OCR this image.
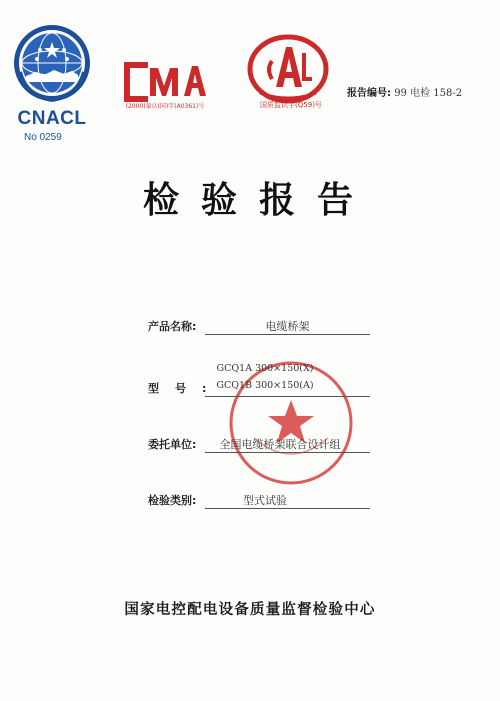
CNACL
No 0259
(2000)量认(国)字(A0361)号	国质监认字(Q59)号
报告编号: 99 电检 158-2
检验报告
产品名称:	电缆桥架
型号:
GCQ1A 300×150(Ⅹ)
GCQ1B 300×150(A)
委托单位:	全国电缆桥架联合设计组
检验类别:	型式试验
国家电控配电设备质量监督检验中心
